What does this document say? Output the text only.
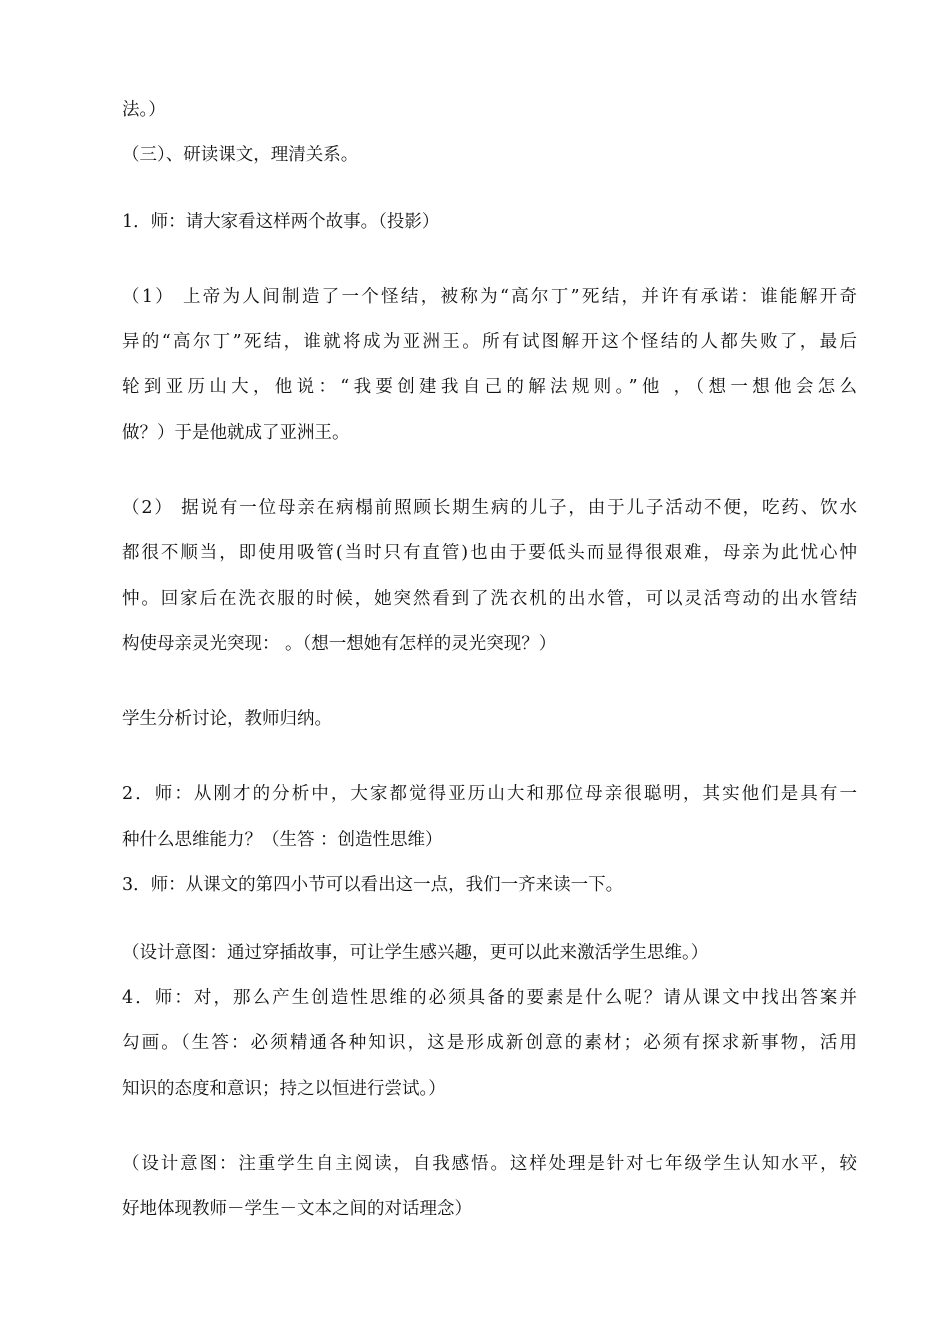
法。）
（三）、研读课文，理清关系。
1．师：请大家看这样两个故事。（投影）
（1） 上帝为人间制造了一个怪结，被称为“高尔丁”死结，并许有承诺：谁能解开奇
异的“高尔丁”死结，谁就将成为亚洲王。所有试图解开这个怪结的人都失败了，最后
轮到亚历山大，他说：“我要创建我自己的解法规则。”他 ，（想一想他会怎么
做？）于是他就成了亚洲王。
（2） 据说有一位母亲在病榻前照顾长期生病的儿子，由于儿子活动不便，吃药、饮水
都很不顺当，即使用吸管(当时只有直管)也由于要低头而显得很艰难，母亲为此忧心忡
忡。回家后在洗衣服的时候，她突然看到了洗衣机的出水管，可以灵活弯动的出水管结
构使母亲灵光突现： 。（想一想她有怎样的灵光突现？）
学生分析讨论，教师归纳。
2．师：从刚才的分析中，大家都觉得亚历山大和那位母亲很聪明，其实他们是具有一
种什么思维能力？（生答 ：创造性思维）
3．师：从课文的第四小节可以看出这一点，我们一齐来读一下。
（设计意图：通过穿插故事，可让学生感兴趣，更可以此来激活学生思维。）
4．师：对，那么产生创造性思维的必须具备的要素是什么呢？请从课文中找出答案并
勾画。（生答：必须精通各种知识，这是形成新创意的素材；必须有探求新事物，活用
知识的态度和意识；持之以恒进行尝试。）
（设计意图：注重学生自主阅读，自我感悟。这样处理是针对七年级学生认知水平，较
好地体现教师－学生－文本之间的对话理念）
